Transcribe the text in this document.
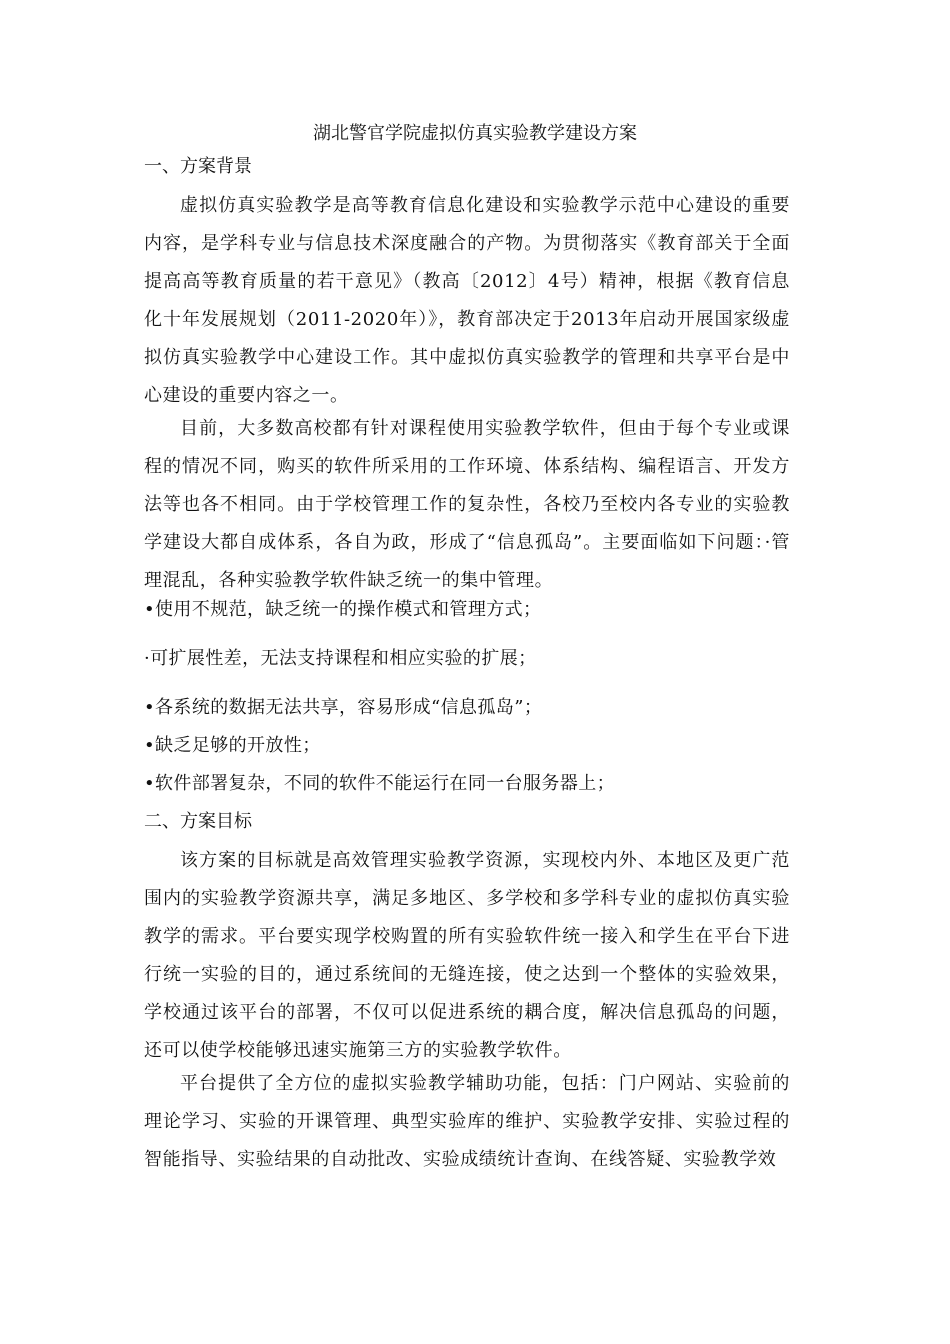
湖北警官学院虚拟仿真实验教学建设方案
一、方案背景
虚拟仿真实验教学是高等教育信息化建设和实验教学示范中心建设的重要内容，是学科专业与信息技术深度融合的产物。为贯彻落实《教育部关于全面提高高等教育质量的若干意见》（教高〔2012〕4号）精神，根据《教育信息化十年发展规划（2011-2020年）》，教育部决定于2013年启动开展国家级虚拟仿真实验教学中心建设工作。其中虚拟仿真实验教学的管理和共享平台是中心建设的重要内容之一。
目前，大多数高校都有针对课程使用实验教学软件，但由于每个专业或课程的情况不同，购买的软件所采用的工作环境、体系结构、编程语言、开发方法等也各不相同。由于学校管理工作的复杂性，各校乃至校内各专业的实验教学建设大都自成体系，各自为政，形成了“信息孤岛”。主要面临如下问题：·管理混乱，各种实验教学软件缺乏统一的集中管理。
•使用不规范，缺乏统一的操作模式和管理方式；
·可扩展性差，无法支持课程和相应实验的扩展；
•各系统的数据无法共享，容易形成“信息孤岛”；
•缺乏足够的开放性；
•软件部署复杂，不同的软件不能运行在同一台服务器上；
二、方案目标
该方案的目标就是高效管理实验教学资源，实现校内外、本地区及更广范围内的实验教学资源共享，满足多地区、多学校和多学科专业的虚拟仿真实验教学的需求。平台要实现学校购置的所有实验软件统一接入和学生在平台下进行统一实验的目的，通过系统间的无缝连接，使之达到一个整体的实验效果，学校通过该平台的部署，不仅可以促进系统的耦合度，解决信息孤岛的问题，还可以使学校能够迅速实施第三方的实验教学软件。
平台提供了全方位的虚拟实验教学辅助功能，包括：门户网站、实验前的理论学习、实验的开课管理、典型实验库的维护、实验教学安排、实验过程的智能指导、实验结果的自动批改、实验成绩统计查询、在线答疑、实验教学效
